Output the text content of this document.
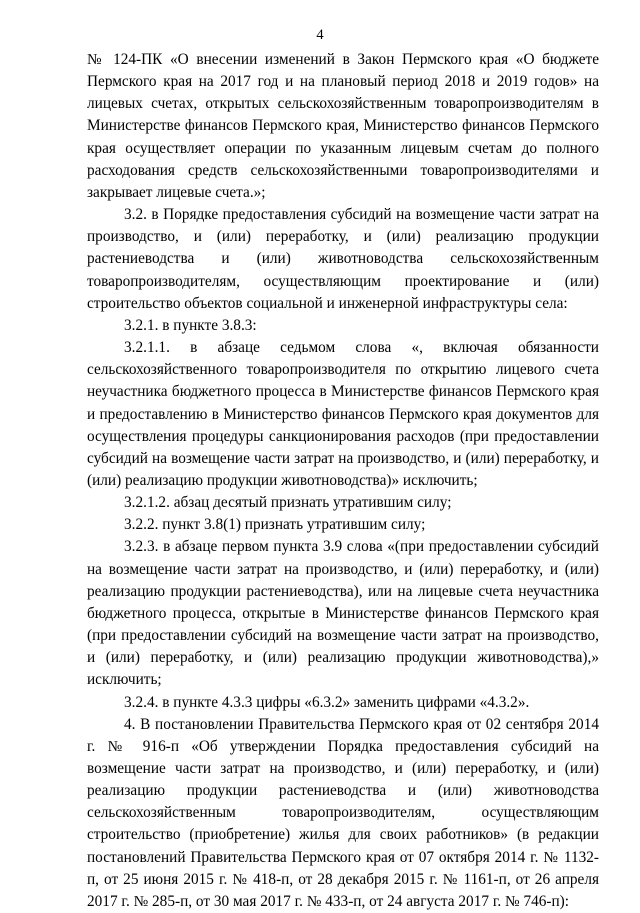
4

№ 124-ПК «О внесении изменений в Закон Пермского края «О бюджете Пермского края на 2017 год и на плановый период 2018 и 2019 годов» на лицевых счетах, открытых сельскохозяйственным товаропроизводителям в Министерстве финансов Пермского края, Министерство финансов Пермского края осуществляет операции по указанным лицевым счетам до полного расходования средств сельскохозяйственными товаропроизводителями и закрывает лицевые счета.»;

3.2. в Порядке предоставления субсидий на возмещение части затрат на производство, и (или) переработку, и (или) реализацию продукции растениеводства и (или) животноводства сельскохозяйственным товаропроизводителям, осуществляющим проектирование и (или) строительство объектов социальной и инженерной инфраструктуры села:

3.2.1. в пункте 3.8.3:

3.2.1.1. в абзаце седьмом слова «, включая обязанности сельскохозяйственного товаропроизводителя по открытию лицевого счета неучастника бюджетного процесса в Министерстве финансов Пермского края и предоставлению в Министерство финансов Пермского края документов для осуществления процедуры санкционирования расходов (при предоставлении субсидий на возмещение части затрат на производство, и (или) переработку, и (или) реализацию продукции животноводства)» исключить;

3.2.1.2. абзац десятый признать утратившим силу;

3.2.2. пункт 3.8(1) признать утратившим силу;

3.2.3. в абзаце первом пункта 3.9 слова «(при предоставлении субсидий на возмещение части затрат на производство, и (или) переработку, и (или) реализацию продукции растениеводства), или на лицевые счета неучастника бюджетного процесса, открытые в Министерстве финансов Пермского края (при предоставлении субсидий на возмещение части затрат на производство, и (или) переработку, и (или) реализацию продукции животноводства),» исключить;

3.2.4. в пункте 4.3.3 цифры «6.3.2» заменить цифрами «4.3.2».

4. В постановлении Правительства Пермского края от 02 сентября 2014 г. № 916-п «Об утверждении Порядка предоставления субсидий на возмещение части затрат на производство, и (или) переработку, и (или) реализацию продукции растениеводства и (или) животноводства сельскохозяйственным товаропроизводителям, осуществляющим строительство (приобретение) жилья для своих работников» (в редакции постановлений Правительства Пермского края от 07 октября 2014 г. № 1132-п, от 25 июня 2015 г. № 418-п, от 28 декабря 2015 г. № 1161-п, от 26 апреля 2017 г. № 285-п, от 30 мая 2017 г. № 433-п, от 24 августа 2017 г. № 746-п):
